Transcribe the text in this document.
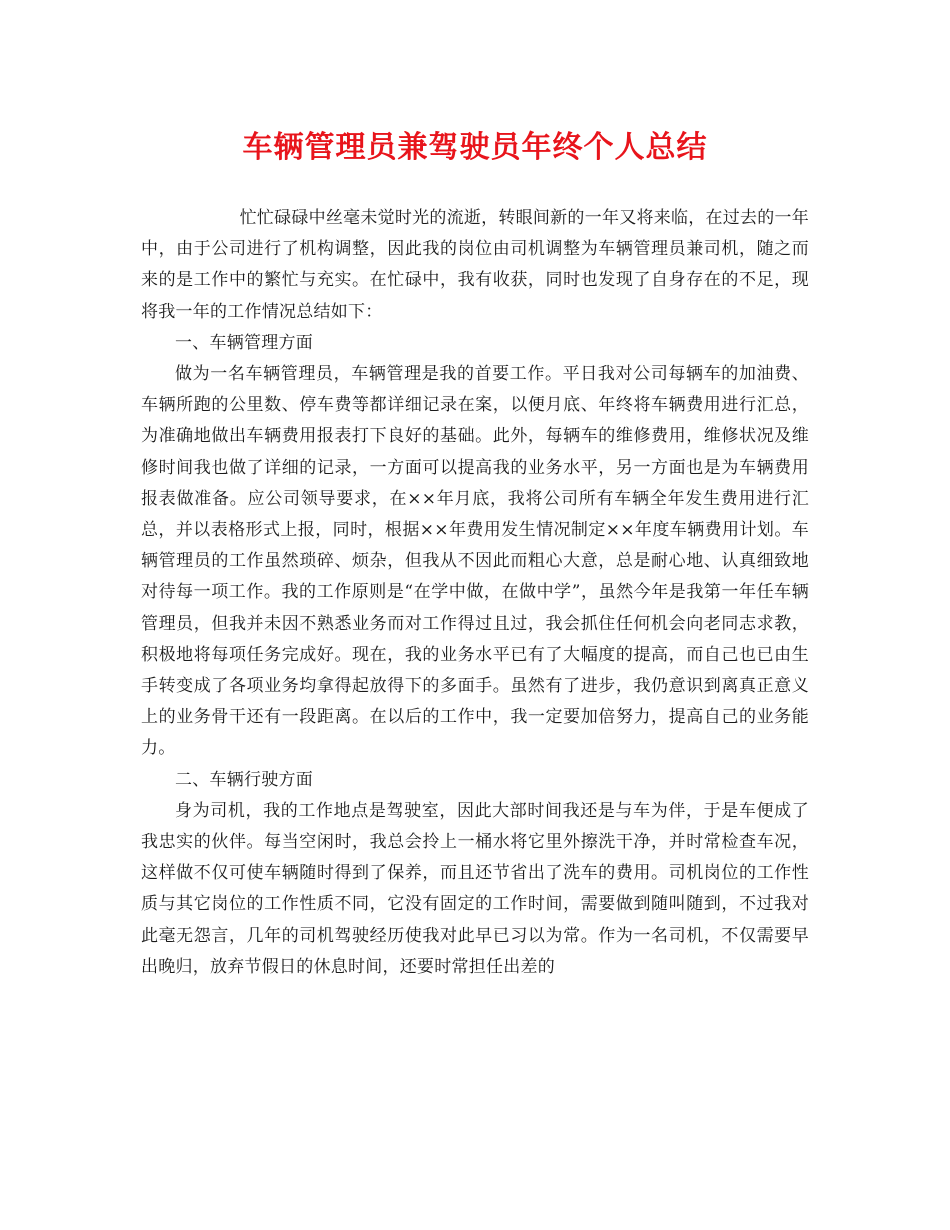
车辆管理员兼驾驶员年终个人总结

忙忙碌碌中丝毫未觉时光的流逝，转眼间新的一年又将来临，在过去的一年中，由于公司进行了机构调整，因此我的岗位由司机调整为车辆管理员兼司机，随之而来的是工作中的繁忙与充实。在忙碌中，我有收获，同时也发现了自身存在的不足，现将我一年的工作情况总结如下：

一、车辆管理方面

做为一名车辆管理员，车辆管理是我的首要工作。平日我对公司每辆车的加油费、车辆所跑的公里数、停车费等都详细记录在案，以便月底、年终将车辆费用进行汇总，为准确地做出车辆费用报表打下良好的基础。此外，每辆车的维修费用，维修状况及维修时间我也做了详细的记录，一方面可以提高我的业务水平，另一方面也是为车辆费用报表做准备。应公司领导要求，在××年月底，我将公司所有车辆全年发生费用进行汇总，并以表格形式上报，同时，根据××年费用发生情况制定××年度车辆费用计划。车辆管理员的工作虽然琐碎、烦杂，但我从不因此而粗心大意，总是耐心地、认真细致地对待每一项工作。我的工作原则是“在学中做，在做中学”，虽然今年是我第一年任车辆管理员，但我并未因不熟悉业务而对工作得过且过，我会抓住任何机会向老同志求教，积极地将每项任务完成好。现在，我的业务水平已有了大幅度的提高，而自己也已由生手转变成了各项业务均拿得起放得下的多面手。虽然有了进步，我仍意识到离真正意义上的业务骨干还有一段距离。在以后的工作中，我一定要加倍努力，提高自己的业务能力。

二、车辆行驶方面

身为司机，我的工作地点是驾驶室，因此大部时间我还是与车为伴，于是车便成了我忠实的伙伴。每当空闲时，我总会拎上一桶水将它里外擦洗干净，并时常检查车况，这样做不仅可使车辆随时得到了保养，而且还节省出了洗车的费用。司机岗位的工作性质与其它岗位的工作性质不同，它没有固定的工作时间，需要做到随叫随到，不过我对此毫无怨言，几年的司机驾驶经历使我对此早已习以为常。作为一名司机，不仅需要早出晚归，放弃节假日的休息时间，还要时常担任出差的
